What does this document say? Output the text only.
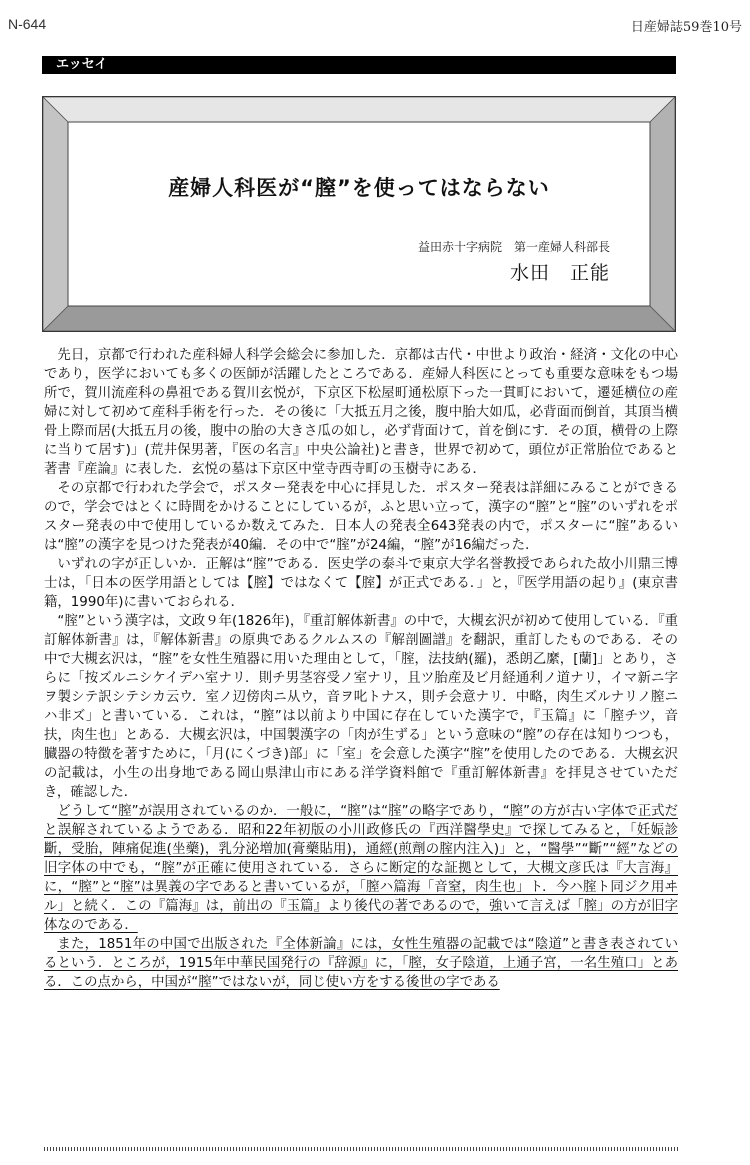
N-644	日産婦誌59巻10号
エッセイ
産婦人科医が“膣”を使ってはならない
益田赤十字病院　第一産婦人科部長
水田　正能

先日，京都で行われた産科婦人科学会総会に参加した．京都は古代・中世より政治・経済・文化の中心であり，医学においても多くの医師が活躍したところである．産婦人科医にとっても重要な意味をもつ場所で，賀川流産科の鼻祖である賀川玄悦が，下京区下松屋町通松原下った一貫町において，遷延横位の産婦に対して初めて産科手術を行った．その後に「大抵五月之後，腹中胎大如瓜，必背面而倒首，其頂当横骨上際而居(大抵五月の後，腹中の胎の大きさ瓜の如し，必ず背面けて，首を倒にす．その頂，横骨の上際に当りて居す)」(荒井保男著，『医の名言』中央公論社)と書き，世界で初めて，頭位が正常胎位であると著書『産論』に表した．玄悦の墓は下京区中堂寺西寺町の玉樹寺にある．

その京都で行われた学会で，ポスター発表を中心に拝見した．ポスター発表は詳細にみることができるので，学会ではとくに時間をかけることにしているが，ふと思い立って，漢字の“膣”と“腟”のいずれをポスター発表の中で使用しているか数えてみた．日本人の発表全643発表の内で，ポスターに“腟”あるいは“膣”の漢字を見つけた発表が40編．その中で“腟”が24編，“膣”が16編だった．

いずれの字が正しいか．正解は“腟”である．医史学の泰斗で東京大学名誉教授であられた故小川鼎三博士は，「日本の医学用語としては【膣】ではなくて【腟】が正式である．」と，『医学用語の起り』(東京書籍，1990年)に書いておられる．

“腟”という漢字は，文政９年(1826年)，『重訂解体新書』の中で，大槻玄沢が初めて使用している．『重訂解体新書』は，『解体新書』の原典であるクルムスの『解剖圖譜』を翻訳，重訂したものである．その中で大槻玄沢は，“腟”を女性生殖器に用いた理由として，「腟，法技納(羅)，悉朗乙縻，[蘭]」とあり，さらに「按ズルニシケイデハ室ナリ．則チ男茎容受ノ室ナリ，且ツ胎産及ビ月経通利ノ道ナリ，イマ新ニ字ヲ製シテ訳シテシカ云ウ．室ノ辺傍肉ニ从ウ，音ヲ叱トナス，則チ会意ナリ．中略，肉生ズルナリノ膣ニハ非ズ」と書いている．これは，“膣”は以前より中国に存在していた漢字で，『玉篇』に「膣チツ，音扶，肉生也」とある．大槻玄沢は，中国製漢字の「肉が生ずる」という意味の“膣”の存在は知りつつも，臓器の特徴を著すために，「月(にくづき)部」に「室」を会意した漢字“腟”を使用したのである．大槻玄沢の記載は，小生の出身地である岡山県津山市にある洋学資料館で『重訂解体新書』を拝見させていただき，確認した．

どうして“膣”が誤用されているのか．一般に，“膣”は“腟”の略字であり，“膣”の方が古い字体で正式だと誤解されているようである．昭和22年初版の小川政修氏の『西洋醫學史』で探してみると，「妊娠診斷，受胎，陣痛促進(坐藥)，乳分泌増加(膏藥貼用)，通經(煎劑の腟内注入)」と，“醫學”“斷”“經”などの旧字体の中でも，“腟”が正確に使用されている．さらに断定的な証拠として，大槻文彦氏は『大言海』に，“膣”と“腟”は異義の字であると書いているが，「膣ハ篇海「音窒，肉生也」ト．今ハ腟ト同ジク用ヰル」と続く．この『篇海』は，前出の『玉篇』より後代の著であるので，強いて言えば「膣」の方が旧字体なのである．

また，1851年の中国で出版された『全体新論』には，女性生殖器の記載では“陰道”と書き表されているという．ところが，1915年中華民国発行の『辞源』に，「膣，女子陰道，上通子宮，一名生殖口」とある．この点から，中国が“膣”ではないが，同じ使い方をする後世の字である
